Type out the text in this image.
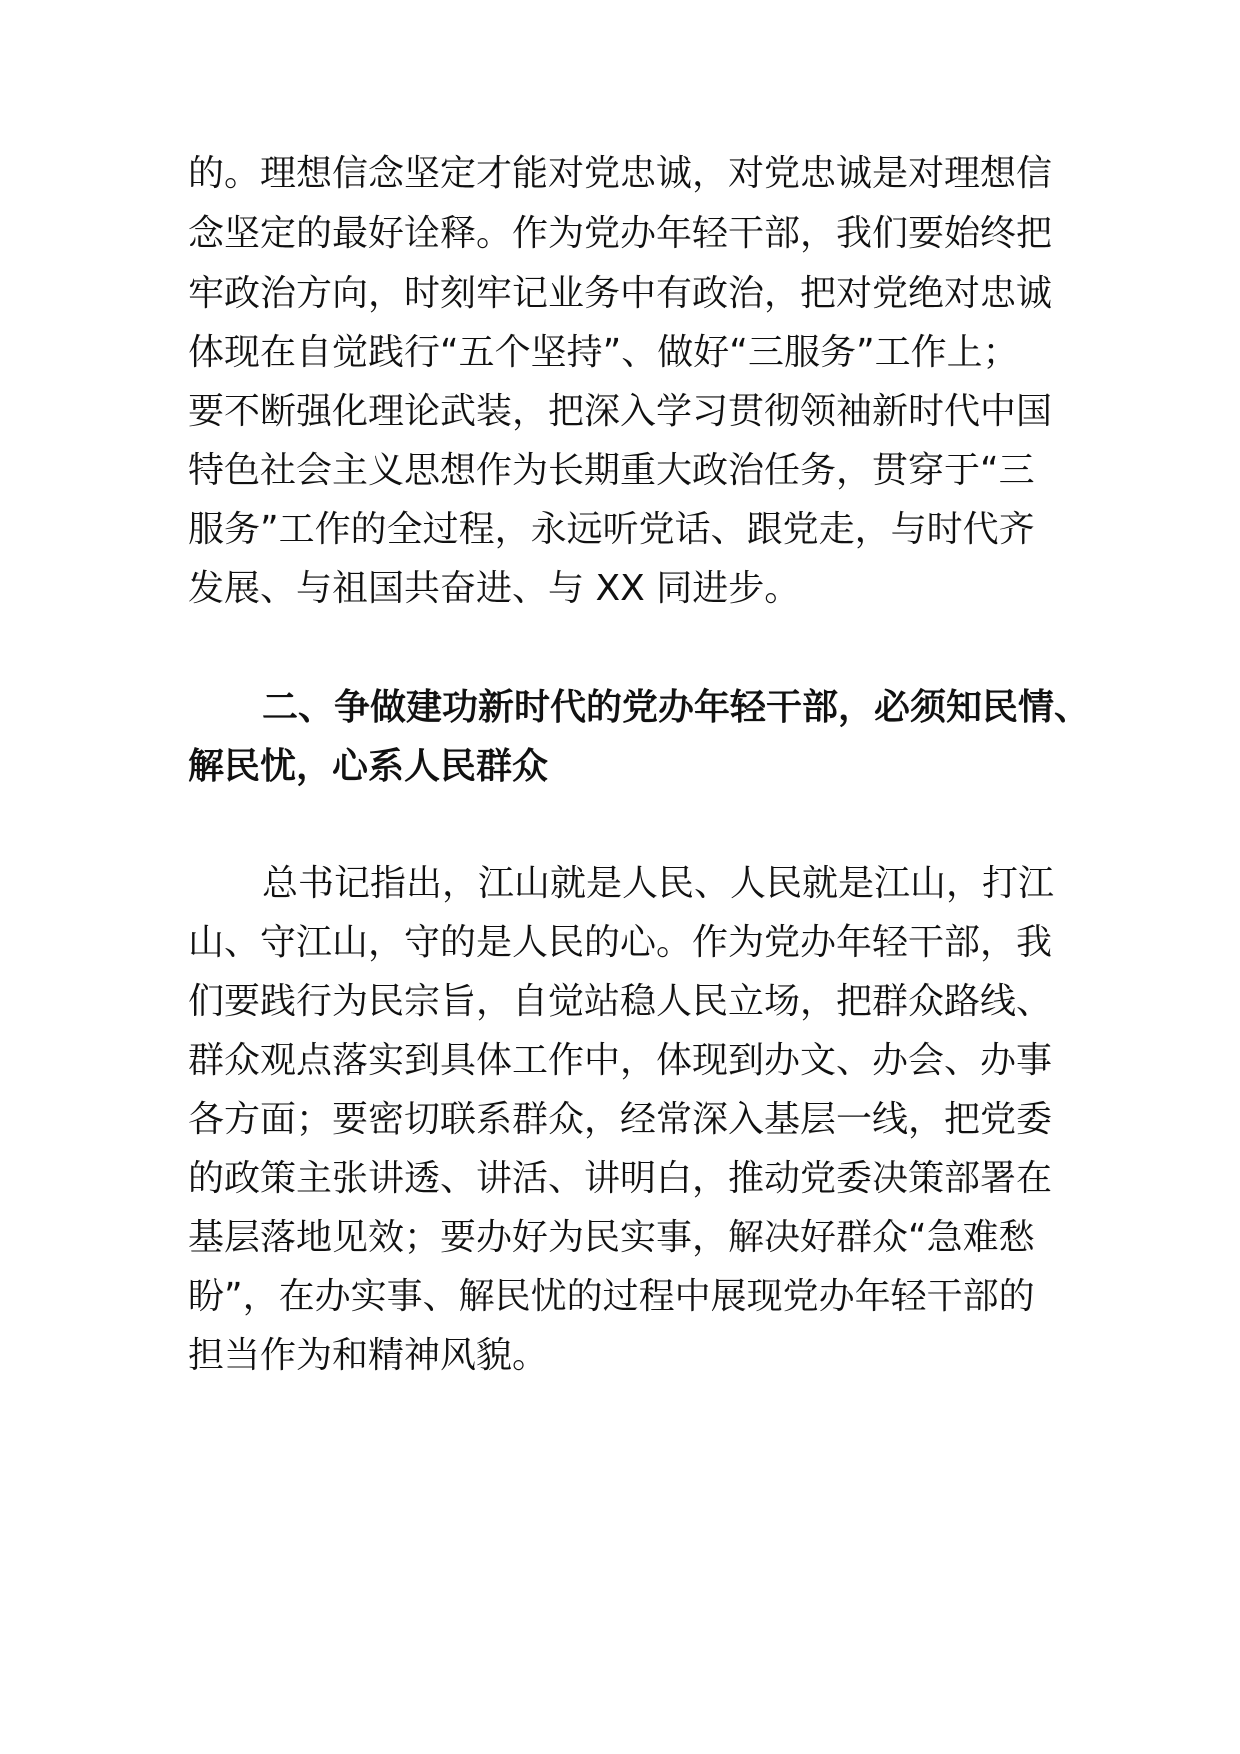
的。理想信念坚定才能对党忠诚，对党忠诚是对理想信

念坚定的最好诠释。作为党办年轻干部，我们要始终把

牢政治方向，时刻牢记业务中有政治，把对党绝对忠诚

体现在自觉践行“五个坚持”、做好“三服务”工作上；

要不断强化理论武装，把深入学习贯彻领袖新时代中国

特色社会主义思想作为长期重大政治任务，贯穿于“三

服务”工作的全过程，永远听党话、跟党走，与时代齐

发展、与祖国共奋进、与 XX 同进步。

二、争做建功新时代的党办年轻干部，必须知民情、

解民忧，心系人民群众

总书记指出，江山就是人民、人民就是江山，打江

山、守江山，守的是人民的心。作为党办年轻干部，我

们要践行为民宗旨，自觉站稳人民立场，把群众路线、

群众观点落实到具体工作中，体现到办文、办会、办事

各方面；要密切联系群众，经常深入基层一线，把党委

的政策主张讲透、讲活、讲明白，推动党委决策部署在

基层落地见效；要办好为民实事，解决好群众“急难愁

盼”，在办实事、解民忧的过程中展现党办年轻干部的

担当作为和精神风貌。
